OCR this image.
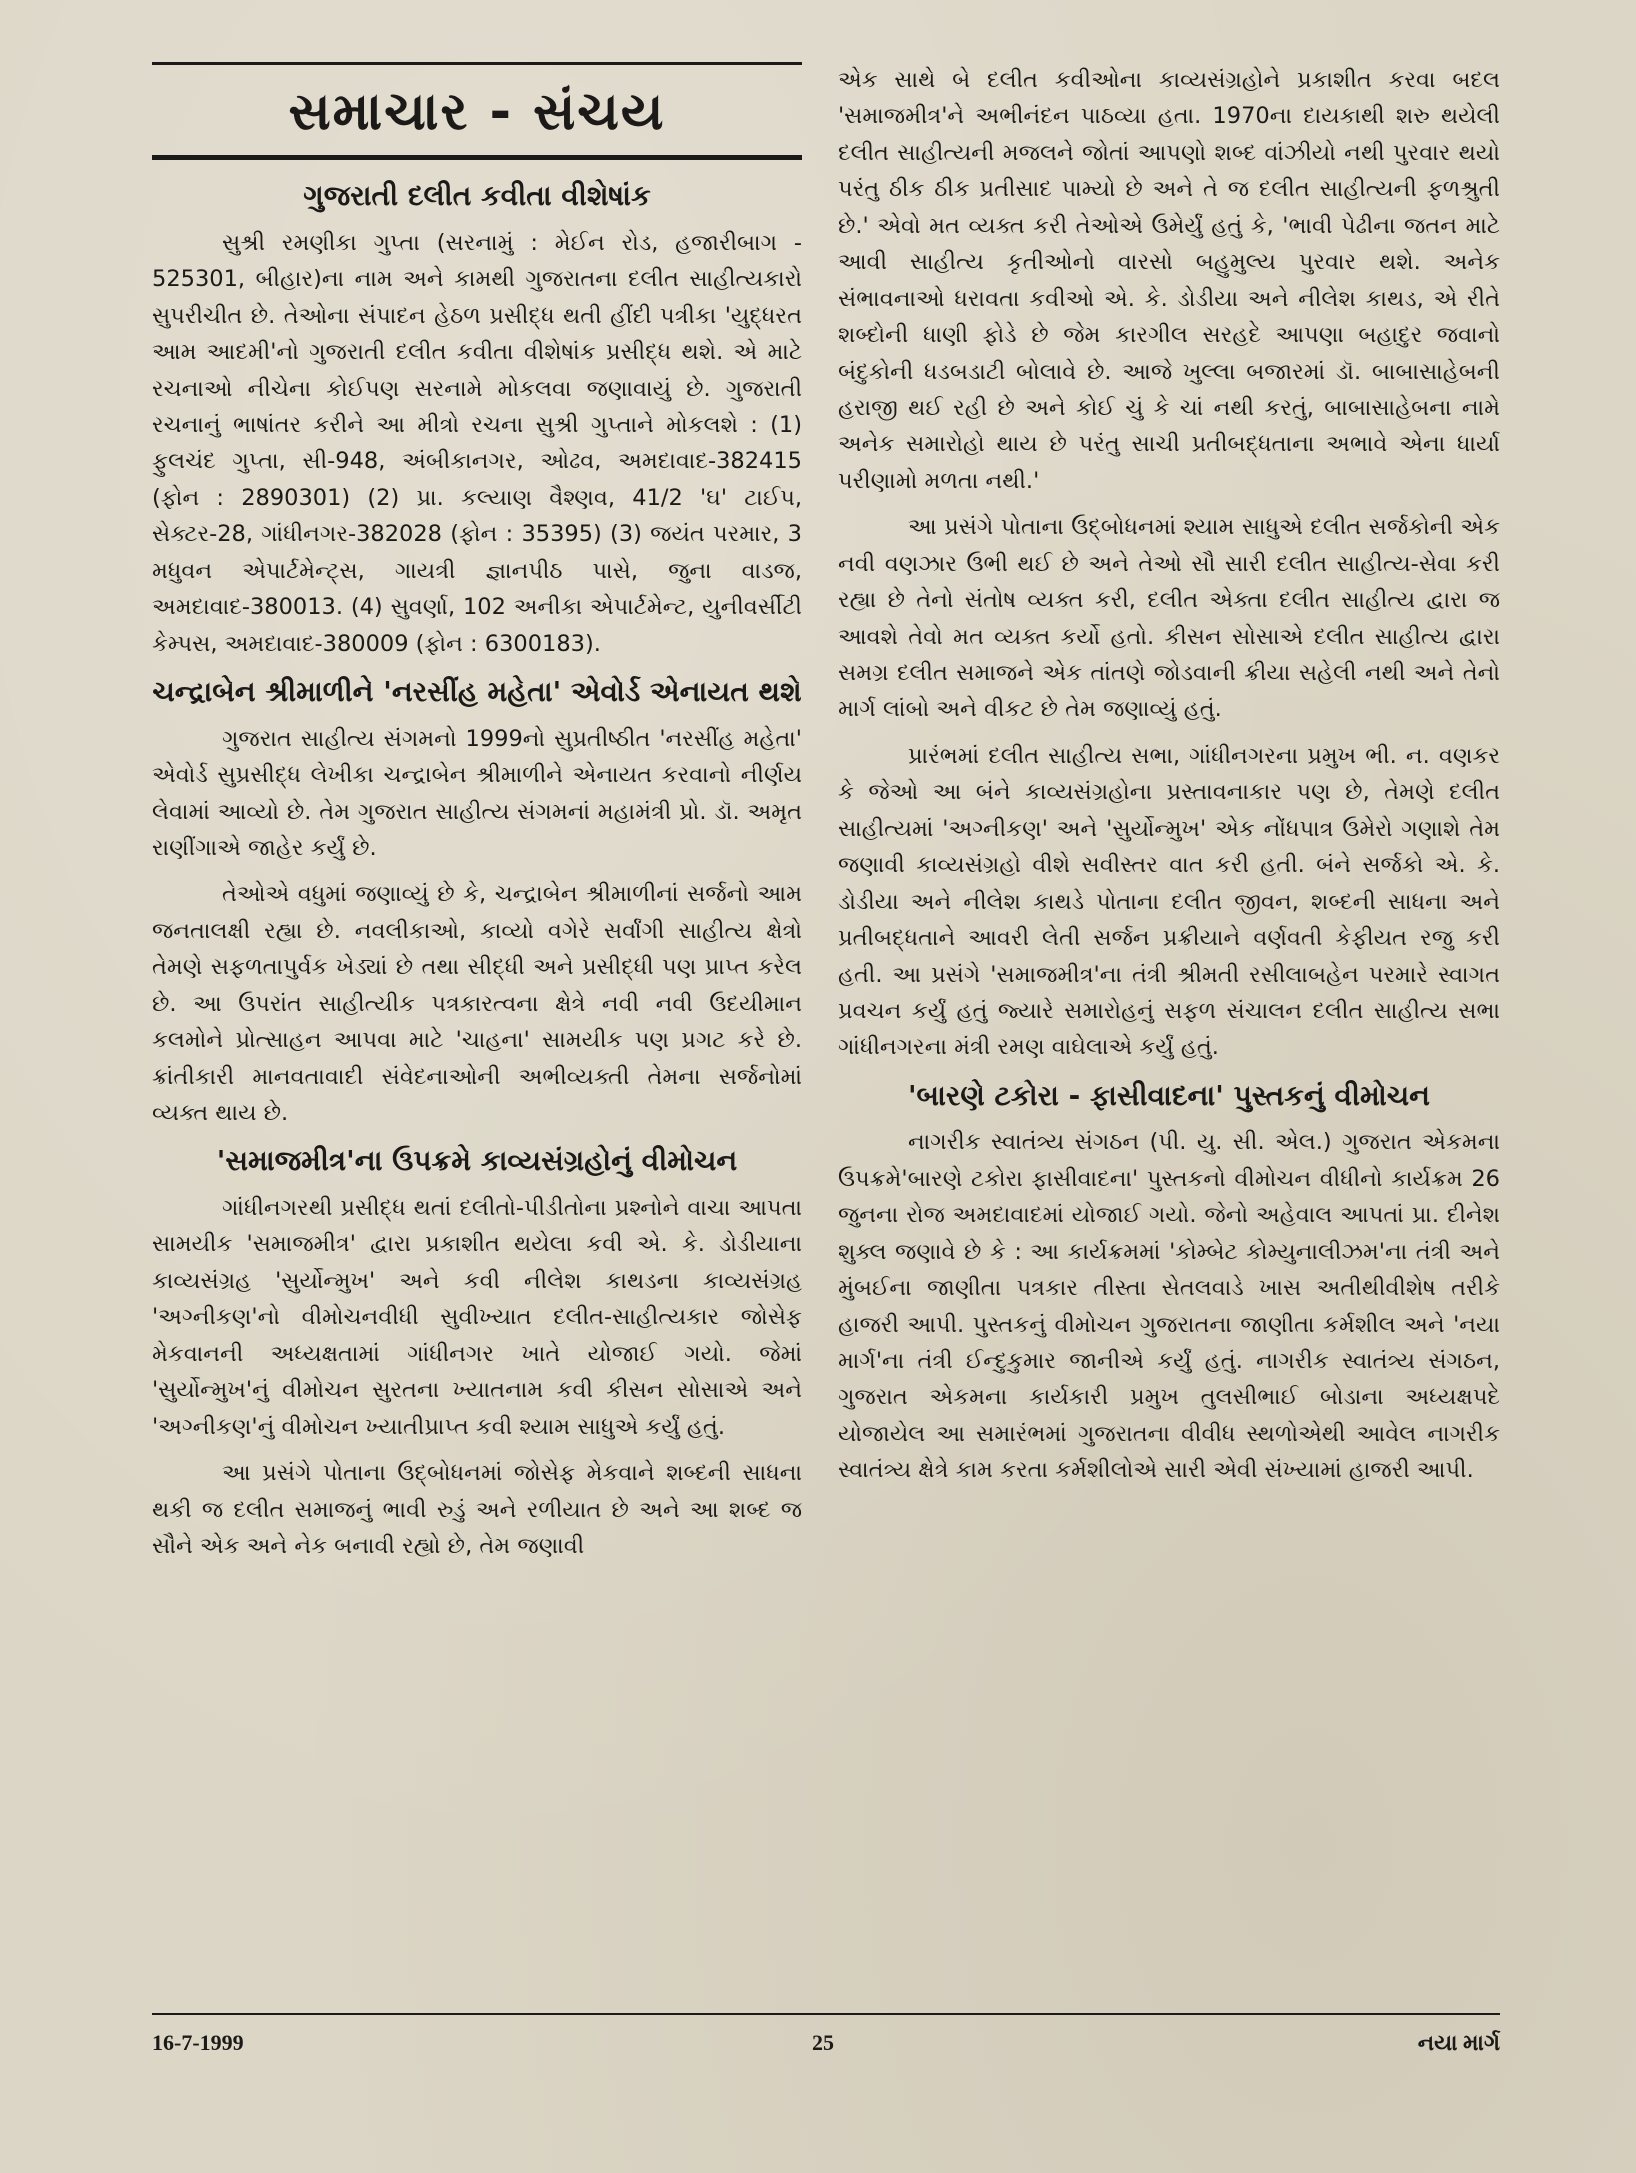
સમાચાર - સંચય
ગુજરાતી દલીત કવીતા વીશેષાંક

સુશ્રી રમણીકા ગુપ્તા (સરનામું : મેઈન રોડ, હજારીબાગ - 525301, બીહાર)ના નામ અને કામથી ગુજરાતના દલીત સાહીત્યકારો સુપરીચીત છે. તેઓના સંપાદન હેઠળ પ્રસીદ્ધ થતી હીંદી પત્રીકા 'યુદ્ધરત આમ આદમી'નો ગુજરાતી દલીત કવીતા વીશેષાંક પ્રસીદ્ધ થશે. એ માટે રચનાઓ નીચેના કોઈપણ સરનામે મોકલવા જણાવાયું છે. ગુજરાતી રચનાનું ભાષાંતર કરીને આ મીત્રો રચના સુશ્રી ગુપ્તાને મોકલશે : (1) ફુલચંદ ગુપ્તા, સી-948, અંબીકાનગર, ઓઢવ, અમદાવાદ-382415 (ફોન : 2890301) (2) પ્રા. કલ્યાણ વૈશ્ણવ, 41/2 'ઘ' ટાઈપ, સેક્ટર-28, ગાંધીનગર-382028 (ફોન : 35395) (3) જયંત પરમાર, 3 મધુવન એપાર્ટમેન્ટ્સ, ગાયત્રી જ્ઞાનપીઠ પાસે, જુના વાડજ, અમદાવાદ-380013. (4) સુવર્ણા, 102 અનીકા એપાર્ટમેન્ટ, યુનીવર્સીટી કેમ્પસ, અમદાવાદ-380009 (ફોન : 6300183).

ચન્દ્રાબેન શ્રીમાળીને 'નરસીંહ મહેતા' એવોર્ડ એનાયત થશે

ગુજરાત સાહીત્ય સંગમનો 1999નો સુપ્રતીષ્ઠીત 'નરસીંહ મહેતા' એવોર્ડ સુપ્રસીદ્ધ લેખીકા ચન્દ્રાબેન શ્રીમાળીને એનાયત કરવાનો નીર્ણય લેવામાં આવ્યો છે. તેમ ગુજરાત સાહીત્ય સંગમનાં મહામંત્રી પ્રો. ડૉ. અમૃત રાણીંગાએ જાહેર કર્યું છે.

તેઓએ વધુમાં જણાવ્યું છે કે, ચન્દ્રાબેન શ્રીમાળીનાં સર્જનો આમ જનતાલક્ષી રહ્યા છે. નવલીકાઓ, કાવ્યો વગેરે સર્વાંગી સાહીત્ય ક્ષેત્રો તેમણે સફળતાપુર્વક ખેડ્યાં છે તથા સીદ્ધી અને પ્રસીદ્ધી પણ પ્રાપ્ત કરેલ છે. આ ઉપરાંત સાહીત્યીક પત્રકારત્વના ક્ષેત્રે નવી નવી ઉદયીમાન કલમોને પ્રોત્સાહન આપવા માટે 'ચાહના' સામયીક પણ પ્રગટ કરે છે. ક્રાંતીકારી માનવતાવાદી સંવેદનાઓની અભીવ્યક્તી તેમના સર્જનોમાં વ્યક્ત થાય છે.

'સમાજમીત્ર'ના ઉપક્રમે કાવ્યસંગ્રહોનું વીમોચન

ગાંધીનગરથી પ્રસીદ્ધ થતાં દલીતો-પીડીતોના પ્રશ્નોને વાચા આપતા સામયીક 'સમાજમીત્ર' દ્વારા પ્રકાશીત થયેલા કવી એ. કે. ડોડીયાના કાવ્યસંગ્રહ 'સુર્યોન્મુખ' અને કવી નીલેશ કાથડના કાવ્યસંગ્રહ 'અગ્નીકણ'નો વીમોચનવીધી સુવીખ્યાત દલીત-સાહીત્યકાર જોસેફ મેકવાનની અધ્યક્ષતામાં ગાંધીનગર ખાતે યોજાઈ ગયો. જેમાં 'સુર્યોન્મુખ'નું વીમોચન સુરતના ખ્યાતનામ કવી કીસન સોસાએ અને 'અગ્નીકણ'નું વીમોચન ખ્યાતીપ્રાપ્ત કવી શ્યામ સાધુએ કર્યું હતું.

આ પ્રસંગે પોતાના ઉદ્બોધનમાં જોસેફ મેકવાને શબ્દની સાધના થકી જ દલીત સમાજનું ભાવી રુડું અને રળીયાત છે અને આ શબ્દ જ સૌને એક અને નેક બનાવી રહ્યો છે, તેમ જણાવી

એક સાથે બે દલીત કવીઓના કાવ્યસંગ્રહોને પ્રકાશીત કરવા બદલ 'સમાજમીત્ર'ને અભીનંદન પાઠવ્યા હતા. 1970ના દાયકાથી શરુ થયેલી દલીત સાહીત્યની મજલને જોતાં આપણો શબ્દ વાંઝીયો નથી પુરવાર થયો પરંતુ ઠીક ઠીક પ્રતીસાદ પામ્યો છે અને તે જ દલીત સાહીત્યની ફળશ્રુતી છે.' એવો મત વ્યક્ત કરી તેઓએ ઉમેર્યું હતું કે, 'ભાવી પેઢીના જતન માટે આવી સાહીત્ય કૃતીઓનો વારસો બહુમુલ્ય પુરવાર થશે. અનેક સંભાવનાઓ ધરાવતા કવીઓ એ. કે. ડોડીયા અને નીલેશ કાથડ, એ રીતે શબ્દોની ધાણી ફોડે છે જેમ કારગીલ સરહદે આપણા બહાદુર જવાનો બંદુકોની ધડબડાટી બોલાવે છે. આજે ખુલ્લા બજારમાં ડૉ. બાબાસાહેબની હરાજી થઈ રહી છે અને કોઈ ચું કે ચાં નથી કરતું, બાબાસાહેબના નામે અનેક સમારોહો થાય છે પરંતુ સાચી પ્રતીબદ્ધતાના અભાવે એના ધાર્યા પરીણામો મળતા નથી.'

આ પ્રસંગે પોતાના ઉદ્બોધનમાં શ્યામ સાધુએ દલીત સર્જકોની એક નવી વણઝાર ઉભી થઈ છે અને તેઓ સૌ સારી દલીત સાહીત્ય-સેવા કરી રહ્યા છે તેનો સંતોષ વ્યક્ત કરી, દલીત એક્તા દલીત સાહીત્ય દ્વારા જ આવશે તેવો મત વ્યક્ત કર્યો હતો. કીસન સોસાએ દલીત સાહીત્ય દ્વારા સમગ્ર દલીત સમાજને એક તાંતણે જોડવાની ક્રીયા સહેલી નથી અને તેનો માર્ગ લાંબો અને વીકટ છે તેમ જણાવ્યું હતું.

પ્રારંભમાં દલીત સાહીત્ય સભા, ગાંધીનગરના પ્રમુખ ભી. ન. વણકર કે જેઓ આ બંને કાવ્યસંગ્રહોના પ્રસ્તાવનાકાર પણ છે, તેમણે દલીત સાહીત્યમાં 'અગ્નીકણ' અને 'સુર્યોન્મુખ' એક નોંધપાત્ર ઉમેરો ગણાશે તેમ જણાવી કાવ્યસંગ્રહો વીશે સવીસ્તર વાત કરી હતી. બંને સર્જકો એ. કે. ડોડીયા અને નીલેશ કાથડે પોતાના દલીત જીવન, શબ્દની સાધના અને પ્રતીબદ્ધતાને આવરી લેતી સર્જન પ્રક્રીયાને વર્ણવતી કેફીયત રજુ કરી હતી. આ પ્રસંગે 'સમાજમીત્ર'ના તંત્રી શ્રીમતી રસીલાબહેન પરમારે સ્વાગત પ્રવચન કર્યું હતું જ્યારે સમારોહનું સફળ સંચાલન દલીત સાહીત્ય સભા ગાંધીનગરના મંત્રી રમણ વાઘેલાએ કર્યું હતું.

'બારણે ટકોરા - ફાસીવાદના' પુસ્તકનું વીમોચન

નાગરીક સ્વાતંત્ર્ય સંગઠન (પી. યુ. સી. એલ.) ગુજરાત એકમના ઉપક્રમે'બારણે ટકોરા ફાસીવાદના' પુસ્તકનો વીમોચન વીધીનો કાર્યક્રમ 26 જુનના રોજ અમદાવાદમાં યોજાઈ ગયો. જેનો અહેવાલ આપતાં પ્રા. દીનેશ શુક્લ જણાવે છે કે : આ કાર્યક્રમમાં 'કોમ્બેટ કોમ્યુનાલીઝમ'ના તંત્રી અને મુંબઈના જાણીતા પત્રકાર તીસ્તા સેતલવાડે ખાસ અતીથીવીશેષ તરીકે હાજરી આપી. પુસ્તકનું વીમોચન ગુજરાતના જાણીતા કર્મશીલ અને 'નયા માર્ગ'ના તંત્રી ઈન્દુકુમાર જાનીએ કર્યું હતું. નાગરીક સ્વાતંત્ર્ય સંગઠન, ગુજરાત એકમના કાર્યકારી પ્રમુખ તુલસીભાઈ બોડાના અધ્યક્ષપદે યોજાયેલ આ સમારંભમાં ગુજરાતના વીવીધ સ્થળોએથી આવેલ નાગરીક સ્વાતંત્ર્ય ક્ષેત્રે કામ કરતા કર્મશીલોએ સારી એવી સંખ્યામાં હાજરી આપી.

16-7-1999	25	નયા માર્ગ
